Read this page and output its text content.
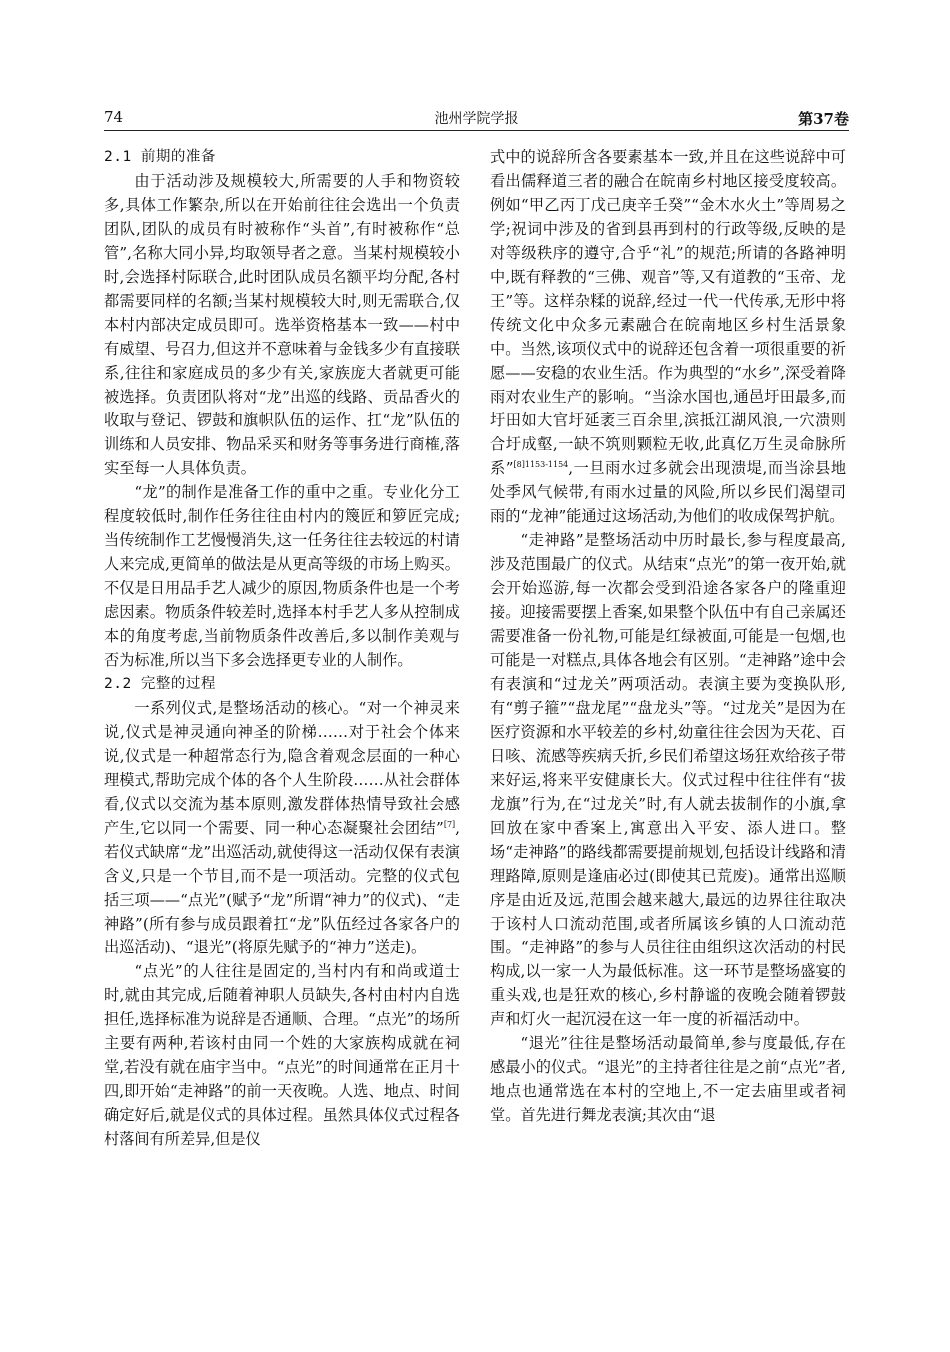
74	池州学院学报	第37卷
2.1 前期的准备

由于活动涉及规模较大,所需要的人手和物资较多,具体工作繁杂,所以在开始前往往会选出一个负责团队,团队的成员有时被称作“头首”,有时被称作“总管”,名称大同小异,均取领导者之意。当某村规模较小时,会选择村际联合,此时团队成员名额平均分配,各村都需要同样的名额;当某村规模较大时,则无需联合,仅本村内部决定成员即可。选举资格基本一致——村中有威望、号召力,但这并不意味着与金钱多少有直接联系,往往和家庭成员的多少有关,家族庞大者就更可能被选择。负责团队将对“龙”出巡的线路、贡品香火的收取与登记、锣鼓和旗帜队伍的运作、扛“龙”队伍的训练和人员安排、物品采买和财务等事务进行商榷,落实至每一人具体负责。

“龙”的制作是准备工作的重中之重。专业化分工程度较低时,制作任务往往由村内的篾匠和箩匠完成;当传统制作工艺慢慢消失,这一任务往往去较远的村请人来完成,更简单的做法是从更高等级的市场上购买。不仅是日用品手艺人减少的原因,物质条件也是一个考虑因素。物质条件较差时,选择本村手艺人多从控制成本的角度考虑,当前物质条件改善后,多以制作美观与否为标准,所以当下多会选择更专业的人制作。

2.2 完整的过程

一系列仪式,是整场活动的核心。“对一个神灵来说,仪式是神灵通向神圣的阶梯……对于社会个体来说,仪式是一种超常态行为,隐含着观念层面的一种心理模式,帮助完成个体的各个人生阶段……从社会群体看,仪式以交流为基本原则,激发群体热情导致社会感产生,它以同一个需要、同一种心态凝聚社会团结”[7],若仪式缺席“龙”出巡活动,就使得这一活动仅保有表演含义,只是一个节目,而不是一项活动。完整的仪式包括三项——“点光”(赋予“龙”所谓“神力”的仪式)、“走神路”(所有参与成员跟着扛“龙”队伍经过各家各户的出巡活动)、“退光”(将原先赋予的“神力”送走)。

“点光”的人往往是固定的,当村内有和尚或道士时,就由其完成,后随着神职人员缺失,各村由村内自选担任,选择标准为说辞是否通顺、合理。“点光”的场所主要有两种,若该村由同一个姓的大家族构成就在祠堂,若没有就在庙宇当中。“点光”的时间通常在正月十四,即开始“走神路”的前一天夜晚。人选、地点、时间确定好后,就是仪式的具体过程。虽然具体仪式过程各村落间有所差异,但是仪

式中的说辞所含各要素基本一致,并且在这些说辞中可看出儒释道三者的融合在皖南乡村地区接受度较高。例如“甲乙丙丁戊己庚辛壬癸”“金木水火土”等周易之学;祝词中涉及的省到县再到村的行政等级,反映的是对等级秩序的遵守,合乎“礼”的规范;所请的各路神明中,既有释教的“三佛、观音”等,又有道教的“玉帝、龙王”等。这样杂糅的说辞,经过一代一代传承,无形中将传统文化中众多元素融合在皖南地区乡村生活景象中。当然,该项仪式中的说辞还包含着一项很重要的祈愿——安稳的农业生活。作为典型的“水乡”,深受着降雨对农业生产的影响。“当涂水国也,通邑圩田最多,而圩田如大官圩延袤三百余里,滨抵江湖风浪,一穴溃则合圩成壑,一缺不筑则颗粒无收,此真亿万生灵命脉所系”$^{[8]1153-1154}$,一旦雨水过多就会出现溃堤,而当涂县地处季风气候带,有雨水过量的风险,所以乡民们渴望司雨的“龙神”能通过这场活动,为他们的收成保驾护航。

“走神路”是整场活动中历时最长,参与程度最高,涉及范围最广的仪式。从结束“点光”的第一夜开始,就会开始巡游,每一次都会受到沿途各家各户的隆重迎接。迎接需要摆上香案,如果整个队伍中有自己亲属还需要准备一份礼物,可能是红绿被面,可能是一包烟,也可能是一对糕点,具体各地会有区别。“走神路”途中会有表演和“过龙关”两项活动。表演主要为变换队形,有“剪子箍”“盘龙尾”“盘龙头”等。“过龙关”是因为在医疗资源和水平较差的乡村,幼童往往会因为天花、百日咳、流感等疾病夭折,乡民们希望这场狂欢给孩子带来好运,将来平安健康长大。仪式过程中往往伴有“拔龙旗”行为,在“过龙关”时,有人就去拔制作的小旗,拿回放在家中香案上,寓意出入平安、添人进口。整场“走神路”的路线都需要提前规划,包括设计线路和清理路障,原则是逢庙必过(即使其已荒废)。通常出巡顺序是由近及远,范围会越来越大,最远的边界往往取决于该村人口流动范围,或者所属该乡镇的人口流动范围。“走神路”的参与人员往往由组织这次活动的村民构成,以一家一人为最低标准。这一环节是整场盛宴的重头戏,也是狂欢的核心,乡村静谧的夜晚会随着锣鼓声和灯火一起沉浸在这一年一度的祈福活动中。

“退光”往往是整场活动最简单,参与度最低,存在感最小的仪式。“退光”的主持者往往是之前“点光”者,地点也通常选在本村的空地上,不一定去庙里或者祠堂。首先进行舞龙表演;其次由“退
